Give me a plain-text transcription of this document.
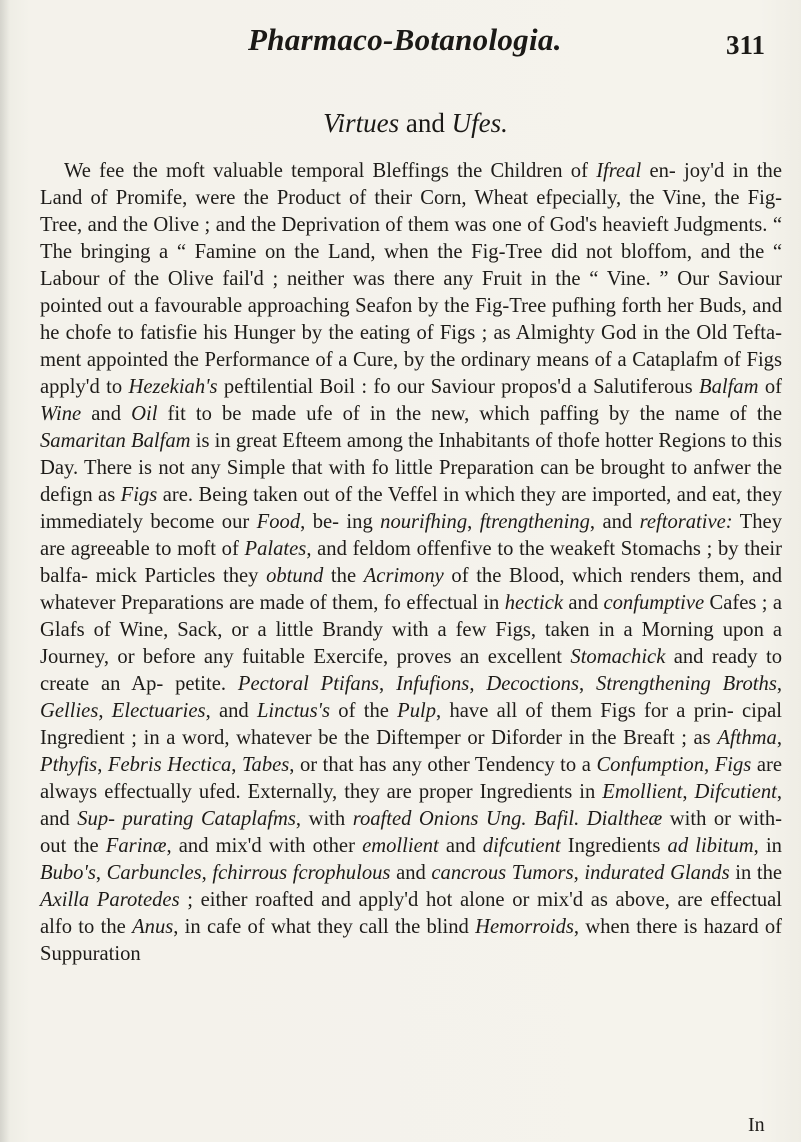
Pharmaco-Botanologia.	311
Virtues and Ufes.

We fee the moft valuable temporal Bleffings the Children of Ifreal en- joy'd in the Land of Promife, were the Product of their Corn, Wheat efpecially, the Vine, the Fig-Tree, and the Olive ; and the Deprivation of them was one of God's heavieft Judgments. “ The bringing a “ Famine on the Land, when the Fig-Tree did not bloffom, and the “ Labour of the Olive fail'd ; neither was there any Fruit in the “ Vine. ” Our Saviour pointed out a favourable approaching Seafon by the Fig-Tree pufhing forth her Buds, and he chofe to fatisfie his Hunger by the eating of Figs ; as Almighty God in the Old Tefta- ment appointed the Performance of a Cure, by the ordinary means of a Cataplafm of Figs apply'd to Hezekiah's peftilential Boil : fo our Saviour propos'd a Salutiferous Balfam of Wine and Oil fit to be made ufe of in the new, which paffing by the name of the Samaritan Balfam is in great Efteem among the Inhabitants of thofe hotter Regions to this Day. There is not any Simple that with fo little Preparation can be brought to anfwer the defign as Figs are. Being taken out of the Veffel in which they are imported, and eat, they immediately become our Food, be- ing nourifhing, ftrengthening, and reftorative: They are agreeable to moft of Palates, and feldom offenfive to the weakeft Stomachs ; by their balfa- mick Particles they obtund the Acrimony of the Blood, which renders them, and whatever Preparations are made of them, fo effectual in hectick and confumptive Cafes ; a Glafs of Wine, Sack, or a little Brandy with a few Figs, taken in a Morning upon a Journey, or before any fuitable Exercife, proves an excellent Stomachick and ready to create an Ap- petite. Pectoral Ptifans, Infufions, Decoctions, Strengthening Broths, Gellies, Electuaries, and Linctus's of the Pulp, have all of them Figs for a prin- cipal Ingredient ; in a word, whatever be the Diftemper or Diforder in the Breaft ; as Afthma, Pthyfis, Febris Hectica, Tabes, or that has any other Tendency to a Confumption, Figs are always effectually ufed. Externally, they are proper Ingredients in Emollient, Difcutient, and Sup- purating Cataplafms, with roafted Onions Ung. Bafil. Dialtheæ with or with- out the Farinæ, and mix'd with other emollient and difcutient Ingredients ad libitum, in Bubo's, Carbuncles, fchirrous fcrophulous and cancrous Tumors, indurated Glands in the Axilla Parotedes ; either roafted and apply'd hot alone or mix'd as above, are effectual alfo to the Anus, in cafe of what they call the blind Hemorroids, when there is hazard of Suppuration

In
